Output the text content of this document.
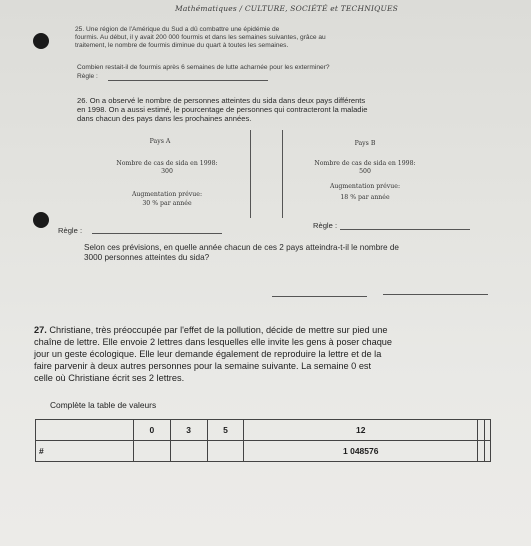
Mathématiques / CULTURE, SOCIÉTÉ et TECHNIQUES
25. Une région de l'Amérique du Sud a dû combattre une épidémie de
fourmis. Au début, il y avait 200 000 fourmis et dans les semaines suivantes, grâce au
traitement, le nombre de fourmis diminue du quart à toutes les semaines.
Combien restait-il de fourmis après 6 semaines de lutte acharnée pour les exterminer?
Règle :
26. On a observé le nombre de personnes atteintes du sida dans deux pays différents
en 1998. On a aussi estimé, le pourcentage de personnes qui contracteront la maladie
dans chacun des pays dans les prochaines années.
Pays A
Nombre de cas de sida en 1998:
300
Augmentation prévue:
30 % par année
Pays B
Nombre de cas de sida en 1998:
500
Augmentation prévue:
18 % par année
Règle :
Règle :
Selon ces prévisions, en quelle année chacun de ces 2 pays atteindra-t-il le nombre de
3000 personnes atteintes du sida?
27. Christiane, très préoccupée par l'effet de la pollution, décide de mettre sur pied une
chaîne de lettre. Elle envoie 2 lettres dans lesquelles elle invite les gens à poser chaque
jour un geste écologique. Elle leur demande également de reproduire la lettre et de la
faire parvenir à deux autres personnes pour la semaine suivante. La semaine 0 est
celle où Christiane écrit ses 2 lettres.
Complète la table de valeurs
	0	3	5	12		
#				1 048576		
